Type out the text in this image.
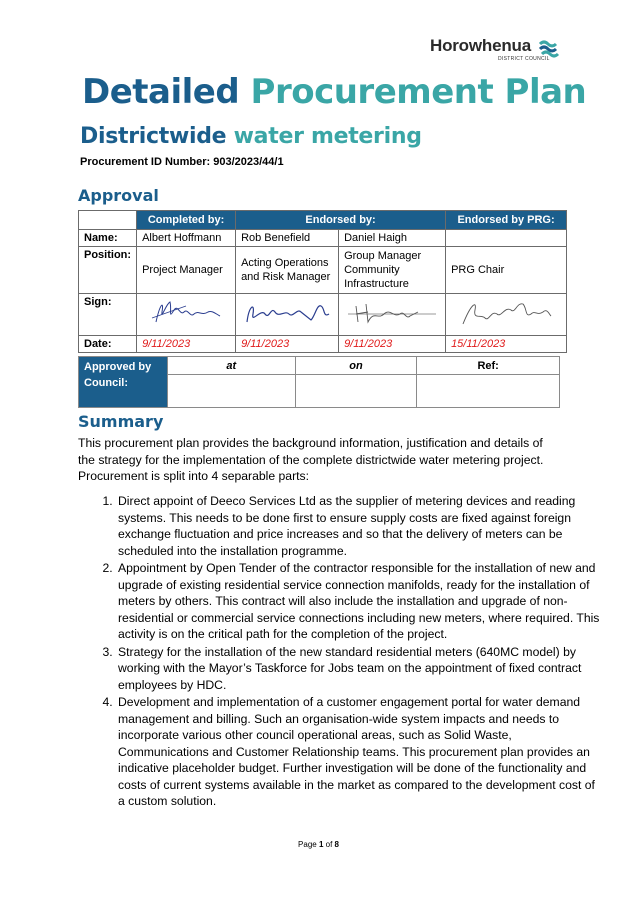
Horowhenua
DISTRICT COUNCIL
Detailed Procurement Plan
Districtwide water metering
Procurement ID Number: 903/2023/44/1
Approval
	Completed by:	Endorsed by:		Endorsed by PRG:
Name:	Albert Hoffmann	Rob Benefield	Daniel Haigh	
Position:	Project Manager	Acting Operations and Risk Manager	Group Manager Community Infrastructure	PRG Chair
Sign:				
Date:	9/11/2023	9/11/2023	9/11/2023	15/11/2023
Approved by Council:	at	on	Ref:

Summary

This procurement plan provides the background information, justification and details of the strategy for the implementation of the complete districtwide water metering project. Procurement is split into 4 separable parts:

1. Direct appoint of Deeco Services Ltd as the supplier of metering devices and reading systems. This needs to be done first to ensure supply costs are fixed against foreign exchange fluctuation and price increases and so that the delivery of meters can be scheduled into the installation programme.
2. Appointment by Open Tender of the contractor responsible for the installation of new and upgrade of existing residential service connection manifolds, ready for the installation of meters by others. This contract will also include the installation and upgrade of non-residential or commercial service connections including new meters, where required. This activity is on the critical path for the completion of the project.
3. Strategy for the installation of the new standard residential meters (640MC model) by working with the Mayor’s Taskforce for Jobs team on the appointment of fixed contract employees by HDC.
4. Development and implementation of a customer engagement portal for water demand management and billing. Such an organisation-wide system impacts and needs to incorporate various other council operational areas, such as Solid Waste, Communications and Customer Relationship teams. This procurement plan provides an indicative placeholder budget. Further investigation will be done of the functionality and costs of current systems available in the market as compared to the development cost of a custom solution.
Page 1 of 8
